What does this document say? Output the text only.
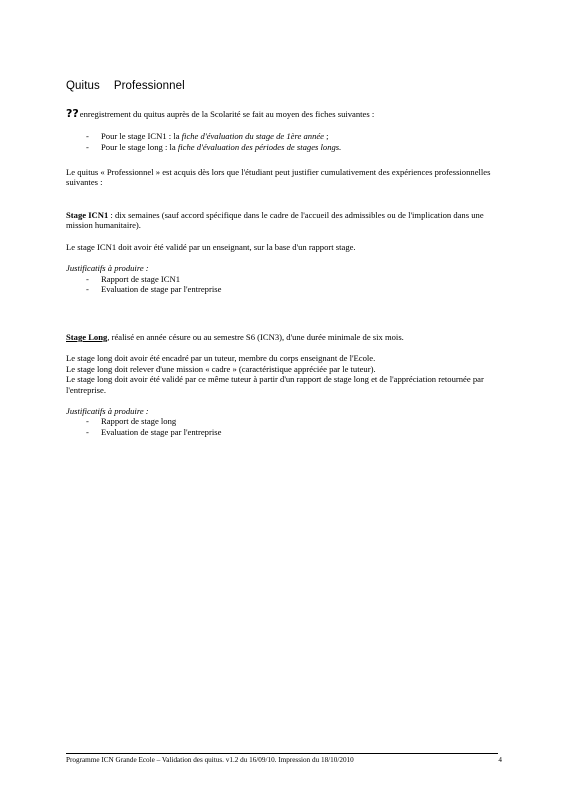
Quitus Professionnel

??enregistrement du quitus auprès de la Scolarité se fait au moyen des fiches suivantes :

- Pour le stage ICN1 : la fiche d'évaluation du stage de 1ère année ;
- Pour le stage long : la fiche d'évaluation des périodes de stages longs.

Le quitus « Professionnel » est acquis dès lors que l'étudiant peut justifier cumulativement des expériences professionnelles suivantes :

Stage ICN1 : dix semaines (sauf accord spécifique dans le cadre de l'accueil des admissibles ou de l'implication dans une mission humanitaire).

Le stage ICN1 doit avoir été validé par un enseignant, sur la base d'un rapport stage.

Justificatifs à produire :

- Rapport de stage ICN1
- Evaluation de stage par l'entreprise

Stage Long, réalisé en année césure ou au semestre S6 (ICN3), d'une durée minimale de six mois.

Le stage long doit avoir été encadré par un tuteur, membre du corps enseignant de l'Ecole.

Le stage long doit relever d'une mission « cadre » (caractéristique appréciée par le tuteur).

Le stage long doit avoir été validé par ce même tuteur à partir d'un rapport de stage long et de l'appréciation retournée par l'entreprise.

Justificatifs à produire :

- Rapport de stage long
- Evaluation de stage par l'entreprise
Programme ICN Grande Ecole – Validation des quitus. v1.2 du 16/09/10. Impression du 18/10/2010	4
